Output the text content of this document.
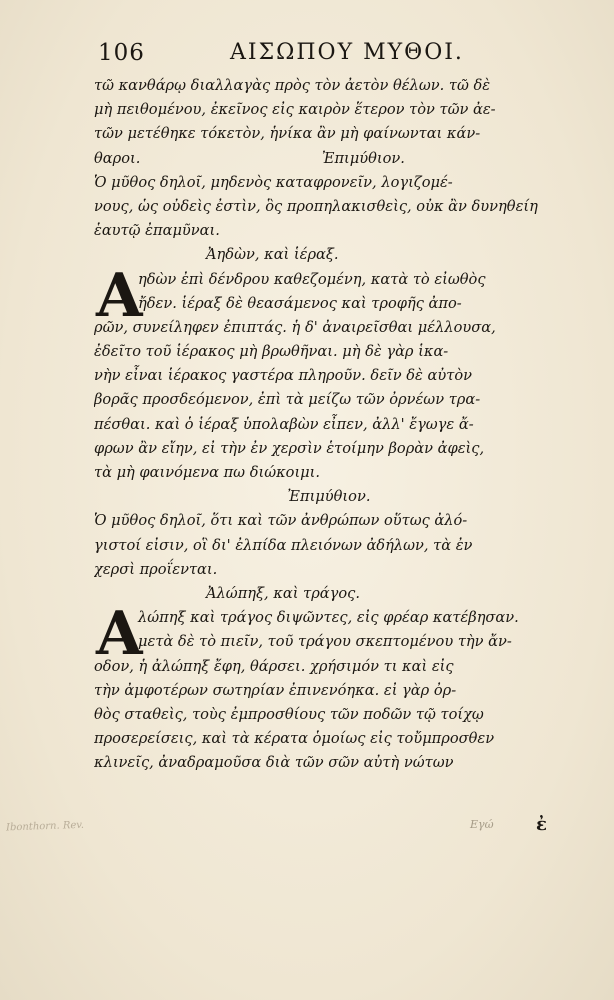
106	ΑΙΣΩΠΟΥ ΜΥΘΟΙ.
τῶ κανθάρῳ διαλλαγὰς πρὸς τὸν ἀετὸν θέλων. τῶ δὲ
μὴ πειθομένου, ἐκεῖνος εἰς καιρὸν ἕτερον τὸν τῶν ἀε-
τῶν μετέθηκε τόκετὸν, ἡνίκα ἂν μὴ φαίνωνται κάν-
θαροι.	Ἐπιμύθιον.
Ὁ μῦθος δηλοῖ, μηδενὸς καταφρονεῖν, λογιζομέ-
νους, ὡς οὐδεὶς ἐστὶν, ὃς προπηλακισθεὶς, οὐκ ἂν δυνηθείη
ἑαυτῷ ἐπαμῦναι.
Ἀηδὼν, καὶ ἱέραξ.
Α
ηδὼν ἐπὶ δένδρου καθεζομένη, κατὰ τὸ εἰωθὸς
ἤδεν. ἱέραξ δὲ θεασάμενος καὶ τροφῆς ἀπο-
ρῶν, συνείληφεν ἐπιπτάς. ἡ δ' ἀναιρεῖσθαι μέλλουσα,
ἐδεῖτο τοῦ ἱέρακος μὴ βρωθῆναι. μὴ δὲ γὰρ ἱκα-
νὴν εἶναι ἱέρακος γαστέρα πληροῦν. δεῖν δὲ αὐτὸν
βορᾶς προσδεόμενον, ἐπὶ τὰ μείζω τῶν ὀρνέων τρα-
πέσθαι. καὶ ὁ ἱέραξ ὑπολαβὼν εἶπεν, ἀλλ' ἔγωγε ἄ-
φρων ἂν εἴην, εἰ τὴν ἐν χερσὶν ἑτοίμην βορὰν ἀφεὶς,
τὰ μὴ φαινόμενα πω διώκοιμι.
Ἐπιμύθιον.
Ὁ μῦθος δηλοῖ, ὅτι καὶ τῶν ἀνθρώπων οὕτως ἀλό-
γιστοί εἰσιν, οἳ δι' ἐλπίδα πλειόνων ἀδήλων, τὰ ἐν
χερσὶ προΐενται.
Ἀλώπηξ, καὶ τράγος.
Α
λώπηξ καὶ τράγος διψῶντες, εἰς φρέαρ κατέβησαν.
μετὰ δὲ τὸ πιεῖν, τοῦ τράγου σκεπτομένου τὴν ἄν-
οδον, ἡ ἀλώπηξ ἔφη, θάρσει. χρήσιμόν τι καὶ εἰς
τὴν ἀμφοτέρων σωτηρίαν ἐπινενόηκα. εἰ γὰρ ὀρ-
θὸς σταθεὶς, τοὺς ἐμπροσθίους τῶν ποδῶν τῷ τοίχῳ
προσερείσεις, καὶ τὰ κέρατα ὁμοίως εἰς τοὔμπροσθεν
κλινεῖς, ἀναδραμοῦσα διὰ τῶν σῶν αὐτὴ νώτων
Ibonthorn. Rev.	Εγώ ἐ
